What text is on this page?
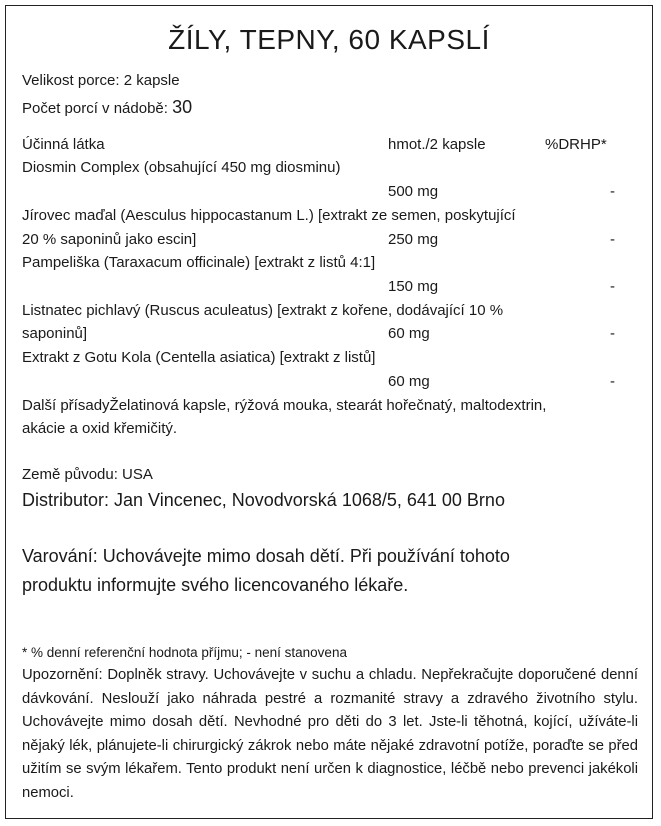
ŽÍLY, TEPNY, 60 KAPSLÍ
Velikost porce: 2 kapsle
Počet porcí v nádobě: 30
Účinná látka	hmot./2 kapsle	%DRHP*
Diosmin Complex (obsahující 450 mg diosminu)
500 mg	-
Jírovec maďal (Aesculus hippocastanum L.) [extrakt ze semen, poskytující
20 % saponinů jako escin]	250 mg	-
Pampeliška (Taraxacum officinale) [extrakt z listů 4:1]
150 mg	-
Listnatec pichlavý (Ruscus aculeatus) [extrakt z kořene, dodávající 10 %
saponinů]	60 mg	-
Extrakt z Gotu Kola (Centella asiatica) [extrakt z listů]
60 mg	-
Další přísadyŽelatinová kapsle, rýžová mouka, stearát hořečnatý, maltodextrin,
akácie a oxid křemičitý.
Země původu: USA
Distributor: Jan Vincenec, Novodvorská 1068/5, 641 00 Brno
Varování: Uchovávejte mimo dosah dětí. Při používání tohoto
produktu informujte svého licencovaného lékaře.
* % denní referenční hodnota příjmu; - není stanovena
Upozornění: Doplněk stravy. Uchovávejte v suchu a chladu. Nepřekračujte doporučené denní dávkování. Neslouží jako náhrada pestré a rozmanité stravy a zdravého životního stylu. Uchovávejte mimo dosah dětí. Nevhodné pro děti do 3 let. Jste-li těhotná, kojící, užíváte-li nějaký lék, plánujete-li chirurgický zákrok nebo máte nějaké zdravotní potíže, poraďte se před užitím se svým lékařem. Tento produkt není určen k diagnostice, léčbě nebo prevenci jakékoli nemoci.
